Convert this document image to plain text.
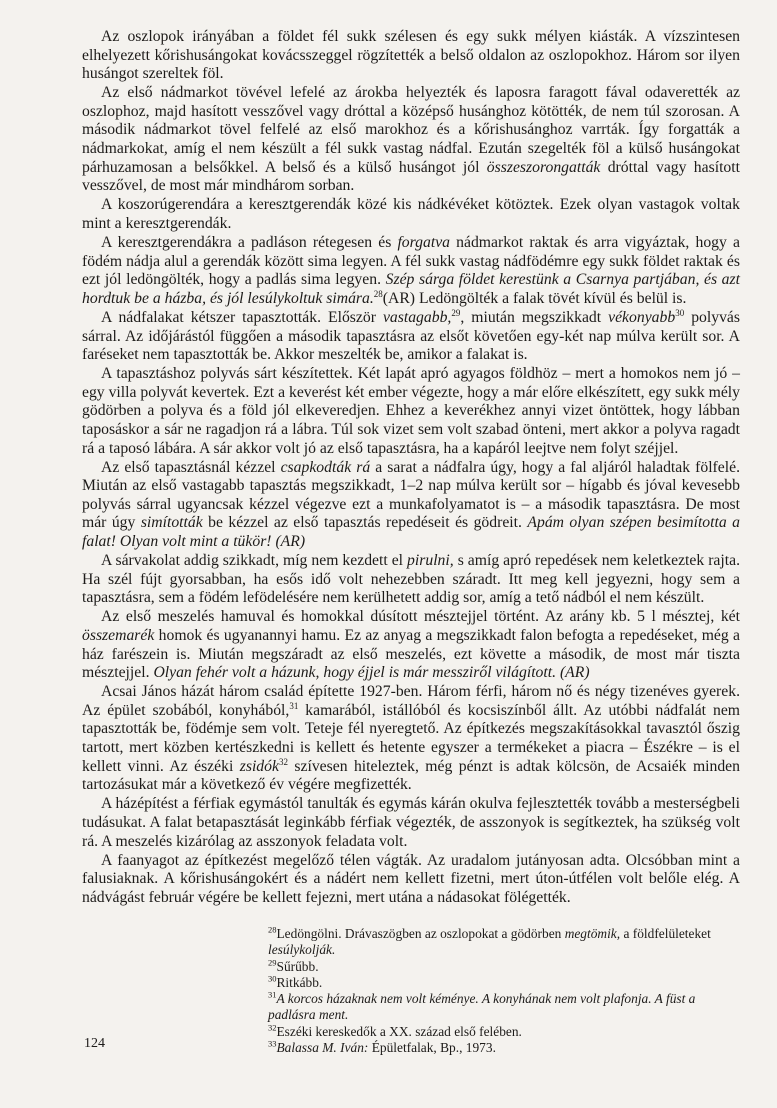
Az oszlopok irányában a földet fél sukk szélesen és egy sukk mélyen kiásták. A vízszintesen elhelyezett kőrishusángokat kovácsszeggel rögzítették a belső oldalon az oszlopokhoz. Három sor ilyen husángot szereltek föl.

Az első nádmarkot tövével lefelé az árokba helyezték és laposra faragott fával odaverették az oszlophoz, majd hasított vesszővel vagy dróttal a középső husánghoz kötötték, de nem túl szorosan. A második nádmarkot tövel felfelé az első marokhoz és a kőrishusánghoz varrták. Így forgatták a nádmarkokat, amíg el nem készült a fél sukk vastag nádfal. Ezután szegelték föl a külső husángokat párhuzamosan a belsőkkel. A belső és a külső husángot jól összeszorongatták dróttal vagy hasított vesszővel, de most már mindhárom sorban.

A koszorúgerendára a keresztgerendák közé kis nádkévéket kötöztek. Ezek olyan vastagok voltak mint a keresztgerendák.

A keresztgerendákra a padláson rétegesen és forgatva nádmarkot raktak és arra vigyáztak, hogy a födém nádja alul a gerendák között sima legyen. A fél sukk vastag nádfödémre egy sukk földet raktak és ezt jól ledöngölték, hogy a padlás sima legyen. Szép sárga földet kerestünk a Csarnya partjában, és azt hordtuk be a házba, és jól lesúlykoltuk simára.$^{28}$(AR) Ledöngölték a falak tövét kívül és belül is.

A nádfalakat kétszer tapasztották. Először vastagabb,$^{29}$, miután megszikkadt vékonyabb$^{30}$ polyvás sárral. Az időjárástól függően a második tapasztásra az elsőt követően egy-két nap múlva került sor. A faréseket nem tapasztották be. Akkor meszelték be, amikor a falakat is.

A tapasztáshoz polyvás sárt készítettek. Két lapát apró agyagos földhöz – mert a homokos nem jó – egy villa polyvát kevertek. Ezt a keverést két ember végezte, hogy a már előre elkészített, egy sukk mély gödörben a polyva és a föld jól elkeveredjen. Ehhez a keverékhez annyi vizet öntöttek, hogy lábban taposáskor a sár ne ragadjon rá a lábra. Túl sok vizet sem volt szabad önteni, mert akkor a polyva ragadt rá a taposó lábára. A sár akkor volt jó az első tapasztásra, ha a kapáról leejtve nem folyt széjjel.

Az első tapasztásnál kézzel csapkodták rá a sarat a nádfalra úgy, hogy a fal aljáról haladtak fölfelé. Miután az első vastagabb tapasztás megszikkadt, 1–2 nap múlva került sor – hígabb és jóval kevesebb polyvás sárral ugyancsak kézzel végezve ezt a munkafolyamatot is – a második tapasztásra. De most már úgy simították be kézzel az első tapasztás repedéseit és gödreit. Apám olyan szépen besimította a falat! Olyan volt mint a tükör! (AR)

A sárvakolat addig szikkadt, míg nem kezdett el pirulni, s amíg apró repedések nem keletkeztek rajta. Ha szél fújt gyorsabban, ha esős idő volt nehezebben száradt. Itt meg kell jegyezni, hogy sem a tapasztásra, sem a födém lefödelésére nem kerülhetett addig sor, amíg a tető nádból el nem készült.

Az első meszelés hamuval és homokkal dúsított mésztejjel történt. Az arány kb. 5 l mésztej, két összemarék homok és ugyanannyi hamu. Ez az anyag a megszikkadt falon befogta a repedéseket, még a ház farészein is. Miután megszáradt az első meszelés, ezt követte a második, de most már tiszta mésztejjel. Olyan fehér volt a házunk, hogy éjjel is már messziről világított. (AR)

Acsai János házát három család építette 1927-ben. Három férfi, három nő és négy tizenéves gyerek. Az épület szobából, konyhából,$^{31}$ kamarából, istállóból és kocsiszínből állt. Az utóbbi nádfalát nem tapasztották be, födémje sem volt. Teteje fél nyeregtető. Az építkezés megszakításokkal tavasztól őszig tartott, mert közben kertészkedni is kellett és hetente egyszer a termékeket a piacra – Észékre – is el kellett vinni. Az észéki zsidók$^{32}$ szívesen hiteleztek, még pénzt is adtak kölcsön, de Acsaiék minden tartozásukat már a következő év végére megfizették.

A házépítést a férfiak egymástól tanulták és egymás kárán okulva fejlesztették tovább a mesterségbeli tudásukat. A falat betapasztását leginkább férfiak végezték, de asszonyok is segítkeztek, ha szükség volt rá. A meszelés kizárólag az asszonyok feladata volt.

A faanyagot az építkezést megelőző télen vágták. Az uradalom jutányosan adta. Olcsóbban mint a falusiaknak. A kőrishusángokért és a nádért nem kellett fizetni, mert úton-útfélen volt belőle elég. A nádvágást február végére be kellett fejezni, mert utána a nádasokat fölégették.

$^{28}$Ledöngölni. Drávaszögben az oszlopokat a gödörben megtömik, a földfelületeket lesúlykolják.
$^{29}$Sűrűbb.
$^{30}$Ritkább.
$^{31}$A korcos házaknak nem volt kéménye. A konyhának nem volt plafonja. A füst a padlásra ment.
$^{32}$Eszéki kereskedők a XX. század első felében.
$^{33}$Balassa M. Iván: Épületfalak, Bp., 1973.
124
